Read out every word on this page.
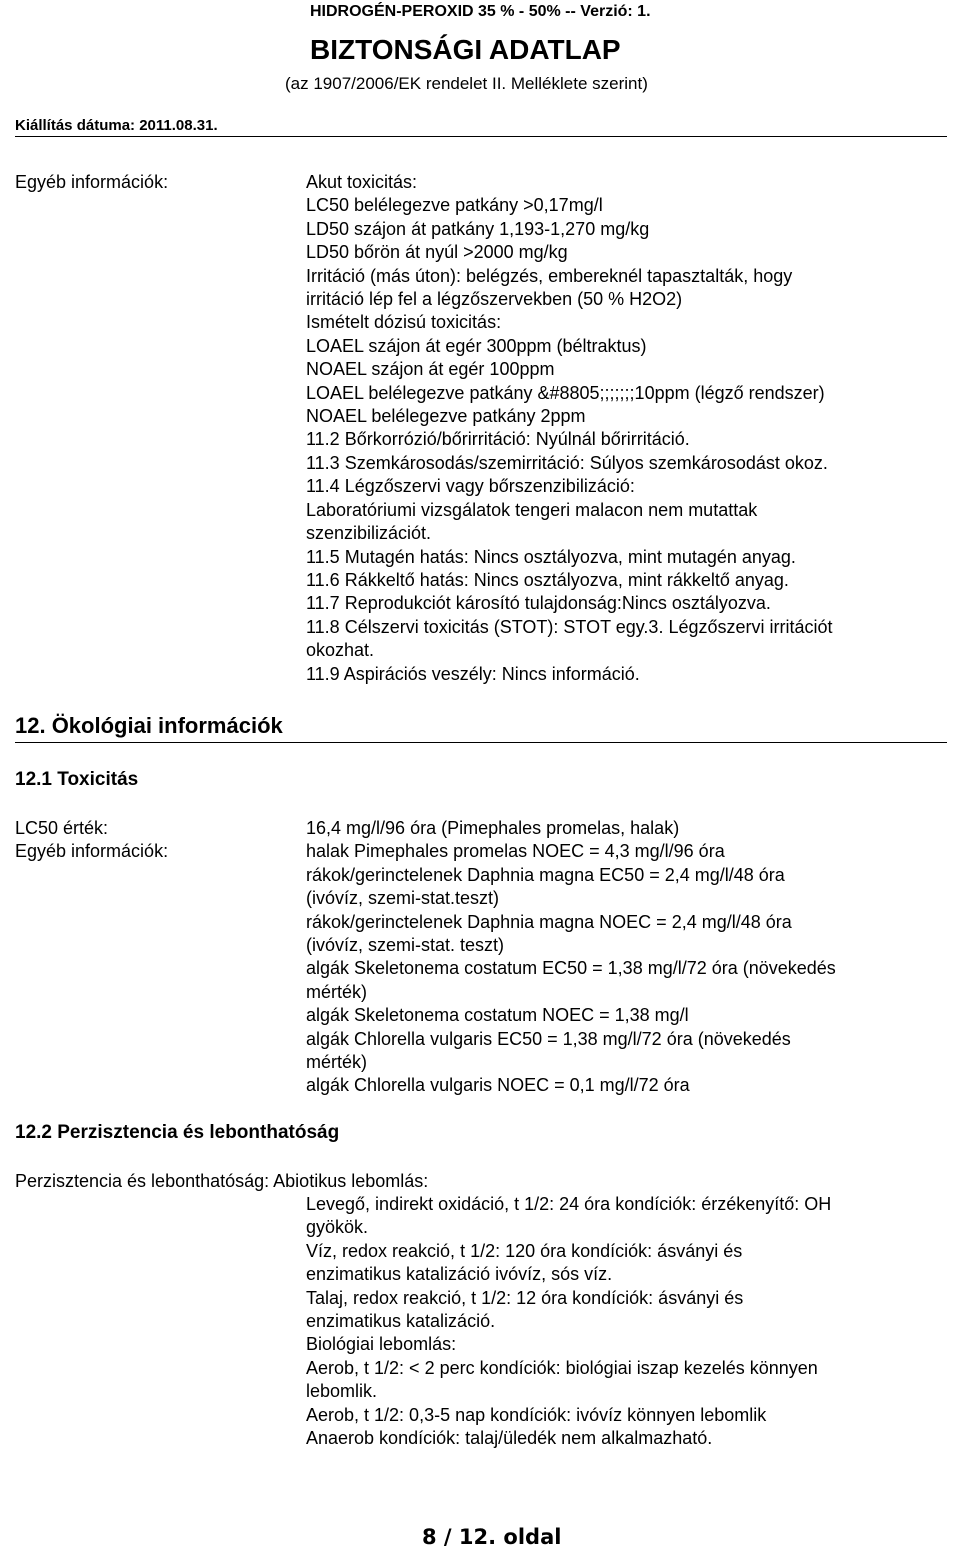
HIDROGÉN-PEROXID 35 % - 50% -- Verzió: 1.
BIZTONSÁGI ADATLAP
(az 1907/2006/EK rendelet II. Melléklete szerint)
Kiállítás dátuma: 2011.08.31.
Egyéb információk:	Akut toxicitás:
LC50 belélegezve patkány >0,17mg/l
LD50 szájon át patkány 1,193-1,270 mg/kg
LD50 bőrön át nyúl >2000 mg/kg
Irritáció (más úton): belégzés, embereknél tapasztalták, hogy
irritáció lép fel a légzőszervekben (50 % H2O2)
Ismételt dózisú toxicitás:
LOAEL szájon át egér 300ppm (béltraktus)
NOAEL szájon át egér 100ppm
LOAEL belélegezve patkány &#8805;;;;;;;10ppm (légző rendszer)
NOAEL belélegezve patkány 2ppm
11.2 Bőrkorrózió/bőrirritáció: Nyúlnál bőrirritáció.
11.3 Szemkárosodás/szemirritáció: Súlyos szemkárosodást okoz.
11.4 Légzőszervi vagy bőrszenzibilizáció:
Laboratóriumi vizsgálatok tengeri malacon nem mutattak
szenzibilizációt.
11.5 Mutagén hatás: Nincs osztályozva, mint mutagén anyag.
11.6 Rákkeltő hatás: Nincs osztályozva, mint rákkeltő anyag.
11.7 Reprodukciót károsító tulajdonság:Nincs osztályozva.
11.8 Célszervi toxicitás (STOT): STOT egy.3. Légzőszervi irritációt
okozhat.
11.9 Aspirációs veszély: Nincs információ.
12. Ökológiai információk
12.1 Toxicitás
LC50 érték:
Egyéb információk:
16,4 mg/l/96 óra (Pimephales promelas, halak)
halak Pimephales promelas NOEC = 4,3 mg/l/96 óra
rákok/gerinctelenek Daphnia magna EC50 = 2,4 mg/l/48 óra
(ivóvíz, szemi-stat.teszt)
rákok/gerinctelenek Daphnia magna NOEC = 2,4 mg/l/48 óra
(ivóvíz, szemi-stat. teszt)
algák Skeletonema costatum EC50 = 1,38 mg/l/72 óra (növekedés
mérték)
algák Skeletonema costatum NOEC = 1,38 mg/l
algák Chlorella vulgaris EC50 = 1,38 mg/l/72 óra (növekedés
mérték)
algák Chlorella vulgaris NOEC = 0,1 mg/l/72 óra
12.2 Perzisztencia és lebonthatóság
Perzisztencia és lebonthatóság: Abiotikus lebomlás:
Levegő, indirekt oxidáció, t 1/2: 24 óra kondíciók: érzékenyítő: OH
gyökök.
Víz, redox reakció, t 1/2: 120 óra kondíciók: ásványi és
enzimatikus katalizáció ivóvíz, sós víz.
Talaj, redox reakció, t 1/2: 12 óra kondíciók: ásványi és
enzimatikus katalizáció.
Biológiai lebomlás:
Aerob, t 1/2: < 2 perc kondíciók: biológiai iszap kezelés könnyen
lebomlik.
Aerob, t 1/2: 0,3-5 nap kondíciók: ivóvíz könnyen lebomlik
Anaerob kondíciók: talaj/üledék nem alkalmazható.
8 / 12. oldal
